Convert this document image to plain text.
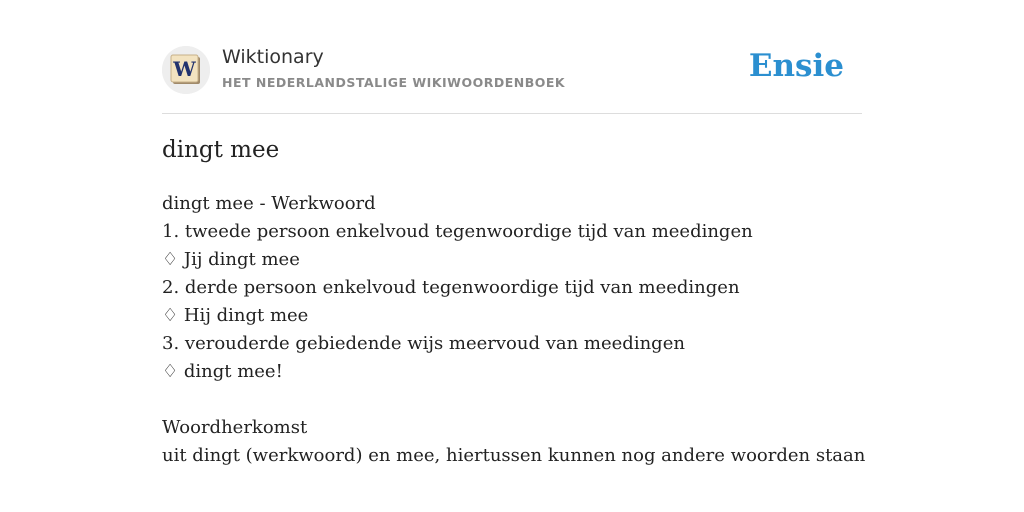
W Wiktionary
HET NEDERLANDSTALIGE WIKIWOORDENBOEK	Ensie
dingt mee
dingt mee - Werkwoord
1. tweede persoon enkelvoud tegenwoordige tijd van meedingen
♢ Jij dingt mee
2. derde persoon enkelvoud tegenwoordige tijd van meedingen
♢ Hij dingt mee
3. verouderde gebiedende wijs meervoud van meedingen
♢ dingt mee!
Woordherkomst
uit dingt (werkwoord) en mee, hiertussen kunnen nog andere woorden staan
